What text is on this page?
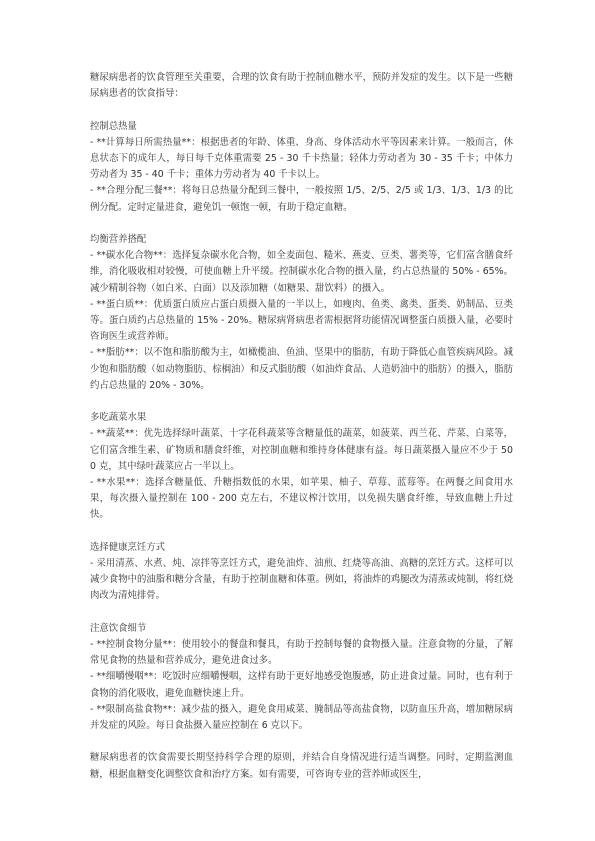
糖尿病患者的饮食管理至关重要，合理的饮食有助于控制血糖水平，预防并发症的发生。以下是一些糖尿病患者的饮食指导：

控制总热量

- **计算每日所需热量**：根据患者的年龄、体重、身高、身体活动水平等因素来计算。一般而言，休息状态下的成年人，每日每千克体重需要 25 - 30 千卡热量；轻体力劳动者为 30 - 35 千卡；中体力劳动者为 35 - 40 千卡；重体力劳动者为 40 千卡以上。

- **合理分配三餐**：将每日总热量分配到三餐中，一般按照 1/5、2/5、2/5 或 1/3、1/3、1/3 的比例分配。定时定量进食，避免饥一顿饱一顿，有助于稳定血糖。

均衡营养搭配

- **碳水化合物**：选择复杂碳水化合物，如全麦面包、糙米、燕麦、豆类、薯类等，它们富含膳食纤维，消化吸收相对较慢，可使血糖上升平缓。控制碳水化合物的摄入量，约占总热量的 50% - 65%。减少精制谷物（如白米、白面）以及添加糖（如糖果、甜饮料）的摄入。

- **蛋白质**：优质蛋白质应占蛋白质摄入量的一半以上，如瘦肉、鱼类、禽类、蛋类、奶制品、豆类等。蛋白质约占总热量的 15% - 20%。糖尿病肾病患者需根据肾功能情况调整蛋白质摄入量，必要时咨询医生或营养师。

- **脂肪**：以不饱和脂肪酸为主，如橄榄油、鱼油、坚果中的脂肪，有助于降低心血管疾病风险。减少饱和脂肪酸（如动物脂肪、棕榈油）和反式脂肪酸（如油炸食品、人造奶油中的脂肪）的摄入，脂肪约占总热量的 20% - 30%。

多吃蔬菜水果

- **蔬菜**：优先选择绿叶蔬菜、十字花科蔬菜等含糖量低的蔬菜，如菠菜、西兰花、芹菜、白菜等，它们富含维生素、矿物质和膳食纤维，对控制血糖和维持身体健康有益。每日蔬菜摄入量应不少于 500 克，其中绿叶蔬菜应占一半以上。

- **水果**：选择含糖量低、升糖指数低的水果，如苹果、柚子、草莓、蓝莓等。在两餐之间食用水果，每次摄入量控制在 100 - 200 克左右，不建议榨汁饮用，以免损失膳食纤维，导致血糖上升过快。

选择健康烹饪方式

- 采用清蒸、水煮、炖、凉拌等烹饪方式，避免油炸、油煎、红烧等高油、高糖的烹饪方式。这样可以减少食物中的油脂和糖分含量，有助于控制血糖和体重。例如，将油炸的鸡腿改为清蒸或炖制，将红烧肉改为清炖排骨。

注意饮食细节

- **控制食物分量**：使用较小的餐盘和餐具，有助于控制每餐的食物摄入量。注意食物的分量，了解常见食物的热量和营养成分，避免进食过多。

- **细嚼慢咽**：吃饭时应细嚼慢咽，这样有助于更好地感受饱腹感，防止进食过量。同时，也有利于食物的消化吸收，避免血糖快速上升。

- **限制高盐食物**：减少盐的摄入，避免食用咸菜、腌制品等高盐食物，以防血压升高，增加糖尿病并发症的风险。每日食盐摄入量应控制在 6 克以下。

糖尿病患者的饮食需要长期坚持科学合理的原则，并结合自身情况进行适当调整。同时，定期监测血糖，根据血糖变化调整饮食和治疗方案。如有需要，可咨询专业的营养师或医生，
